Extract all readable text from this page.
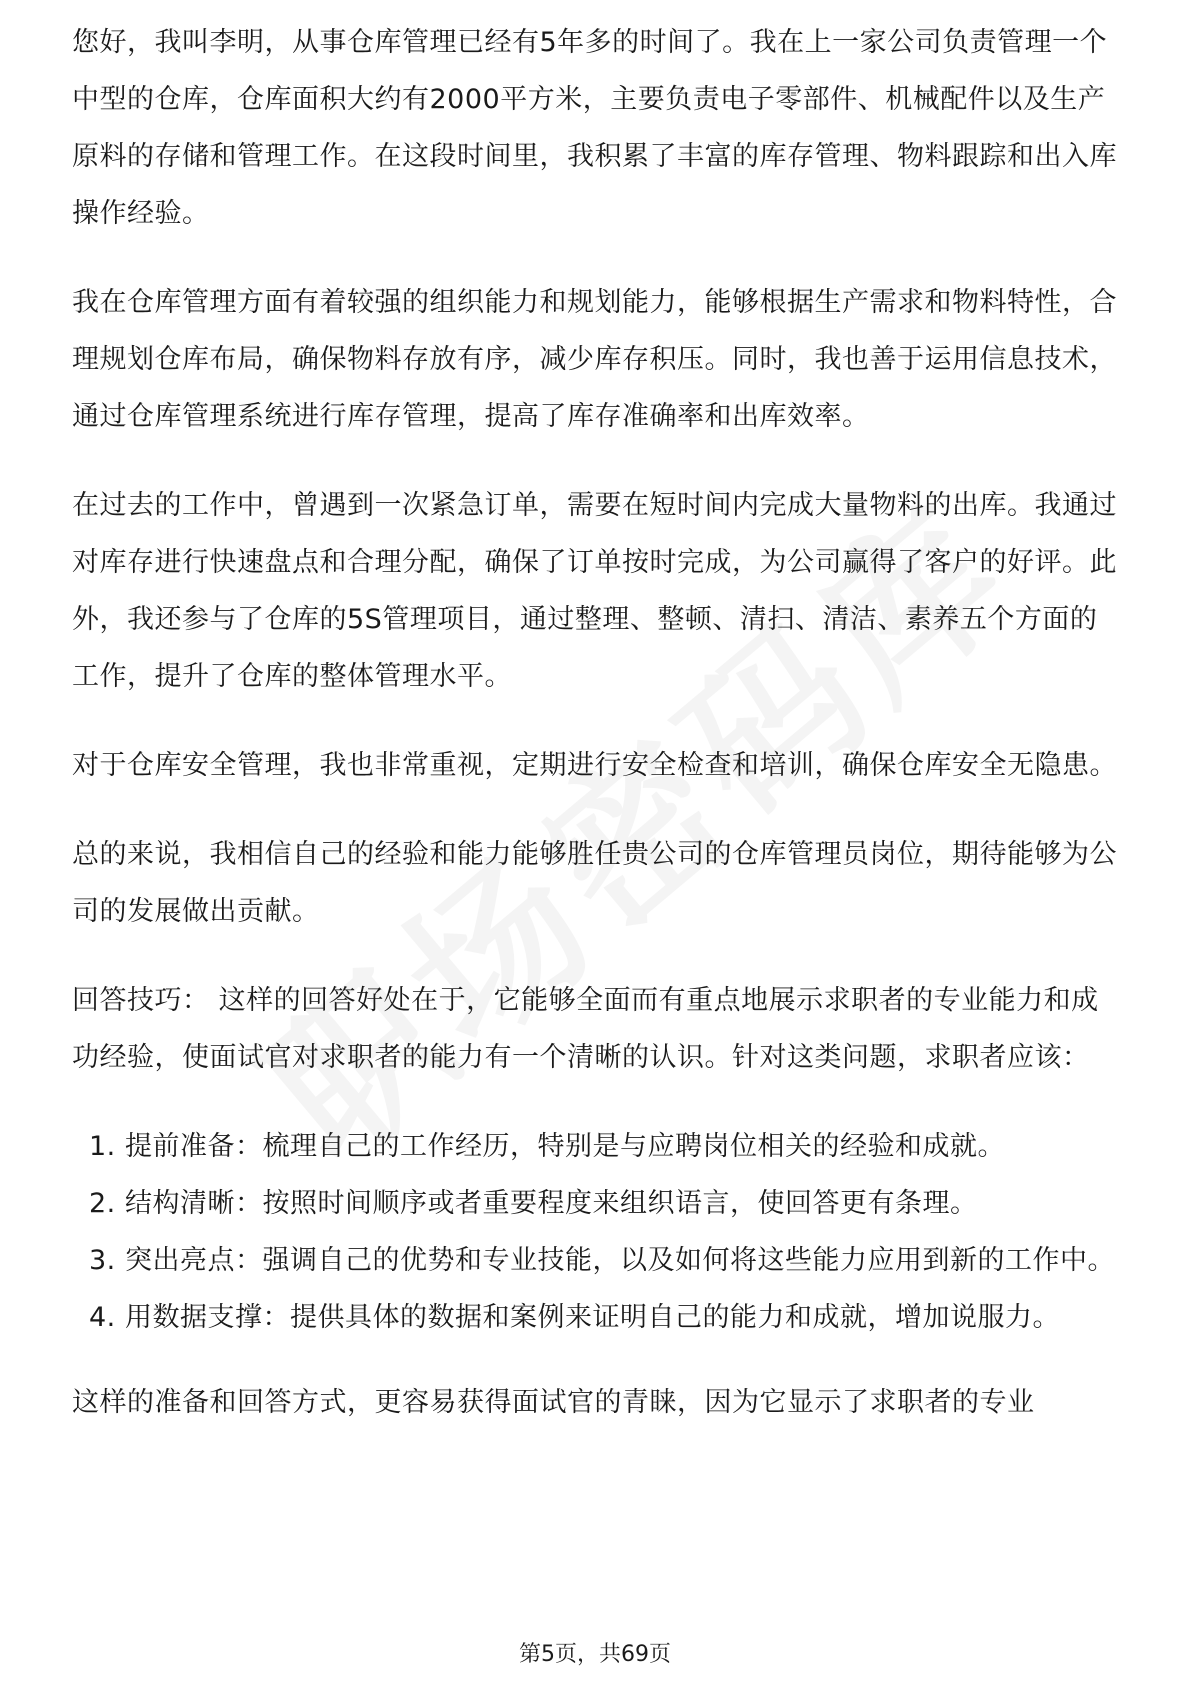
您好，我叫李明，从事仓库管理已经有5年多的时间了。我在上一家公司负责管理一个中型的仓库，仓库面积大约有2000平方米，主要负责电子零部件、机械配件以及生产原料的存储和管理工作。在这段时间里，我积累了丰富的库存管理、物料跟踪和出入库操作经验。

我在仓库管理方面有着较强的组织能力和规划能力，能够根据生产需求和物料特性，合理规划仓库布局，确保物料存放有序，减少库存积压。同时，我也善于运用信息技术，通过仓库管理系统进行库存管理，提高了库存准确率和出库效率。

在过去的工作中，曾遇到一次紧急订单，需要在短时间内完成大量物料的出库。我通过对库存进行快速盘点和合理分配，确保了订单按时完成，为公司赢得了客户的好评。此外，我还参与了仓库的5S管理项目，通过整理、整顿、清扫、清洁、素养五个方面的工作，提升了仓库的整体管理水平。

对于仓库安全管理，我也非常重视，定期进行安全检查和培训，确保仓库安全无隐患。

总的来说，我相信自己的经验和能力能够胜任贵公司的仓库管理员岗位，期待能够为公司的发展做出贡献。

回答技巧： 这样的回答好处在于，它能够全面而有重点地展示求职者的专业能力和成功经验，使面试官对求职者的能力有一个清晰的认识。针对这类问题，求职者应该：

1. 提前准备：梳理自己的工作经历，特别是与应聘岗位相关的经验和成就。
2. 结构清晰：按照时间顺序或者重要程度来组织语言，使回答更有条理。
3. 突出亮点：强调自己的优势和专业技能，以及如何将这些能力应用到新的工作中。
4. 用数据支撑：提供具体的数据和案例来证明自己的能力和成就，增加说服力。

这样的准备和回答方式，更容易获得面试官的青睐，因为它显示了求职者的专业

第5页，共69页
